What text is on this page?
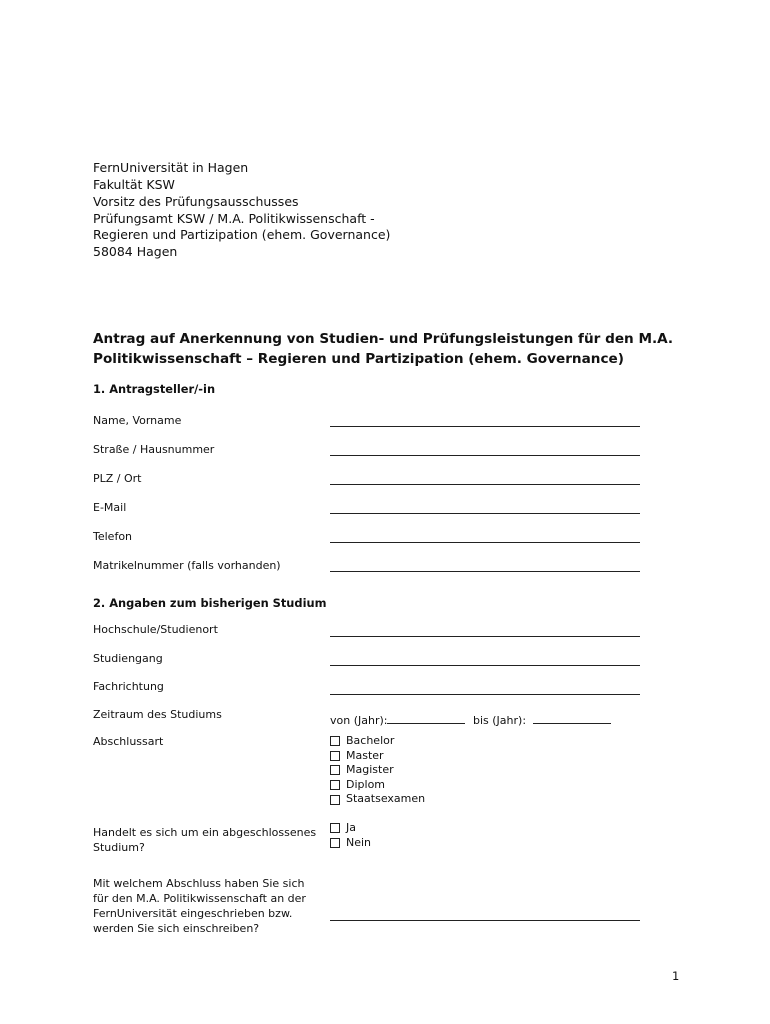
FernUniversität in Hagen
Fakultät KSW
Vorsitz des Prüfungsausschusses
Prüfungsamt KSW / M.A. Politikwissenschaft -
Regieren und Partizipation (ehem. Governance)
58084 Hagen
Antrag auf Anerkennung von Studien- und Prüfungsleistungen für den M.A.
Politikwissenschaft – Regieren und Partizipation (ehem. Governance)
1. Antragsteller/-in
Name, Vorname
Straße / Hausnummer
PLZ / Ort
E-Mail
Telefon
Matrikelnummer (falls vorhanden)
2. Angaben zum bisherigen Studium
Hochschule/Studienort
Studiengang
Fachrichtung
Zeitraum des Studiums	von (Jahr):	bis (Jahr):
Abschlussart	Bachelor
Master
Magister
Diplom
Staatsexamen
Handelt es sich um ein abgeschlossenes
Studium?
Ja
Nein
Mit welchem Abschluss haben Sie sich
für den M.A. Politikwissenschaft an der
FernUniversität eingeschrieben bzw.
werden Sie sich einschreiben?
1
